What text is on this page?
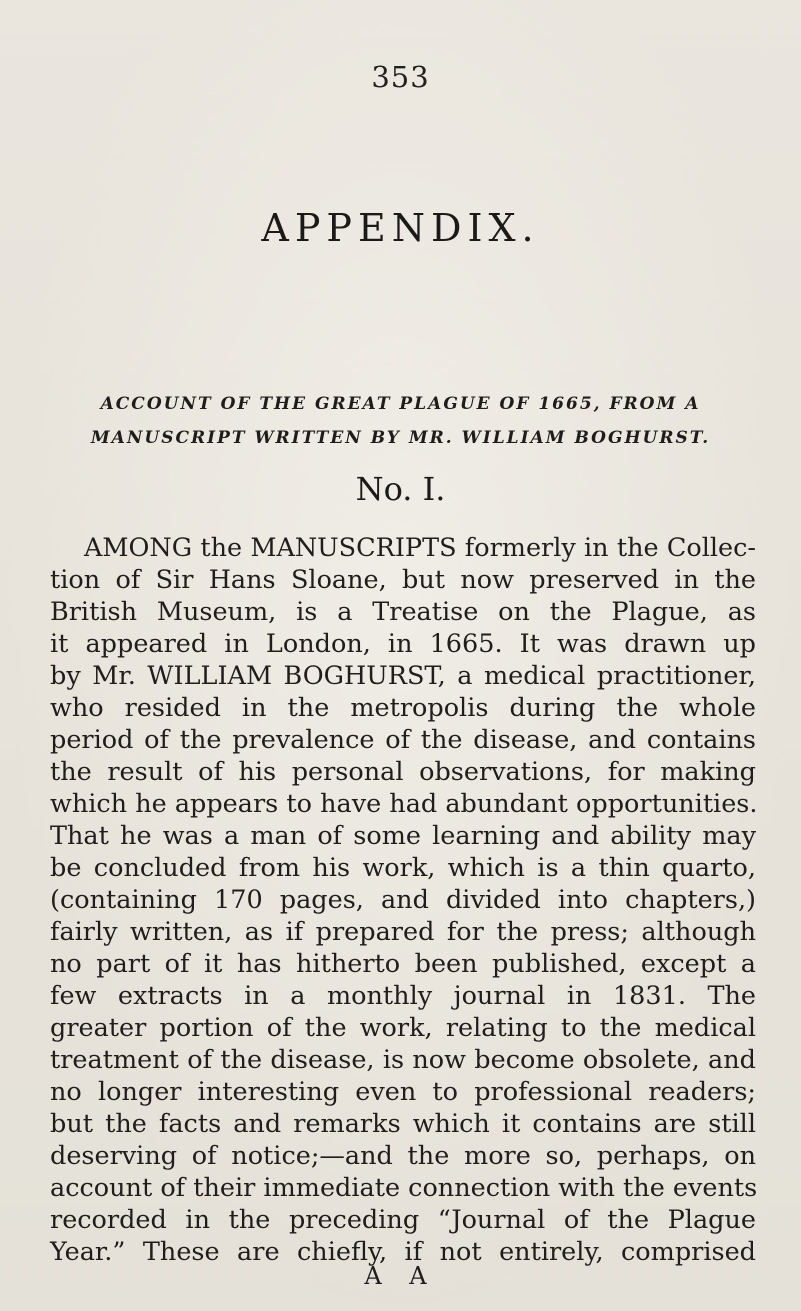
353
APPENDIX.
ACCOUNT OF THE GREAT PLAGUE OF 1665, FROM A
MANUSCRIPT WRITTEN BY MR. WILLIAM BOGHURST.
No. I.
AMONG the MANUSCRIPTS formerly in the Collec-
tion of Sir Hans Sloane, but now preserved in the
British Museum, is a Treatise on the Plague, as
it appeared in London, in 1665. It was drawn up
by Mr. WILLIAM BOGHURST, a medical practitioner,
who resided in the metropolis during the whole
period of the prevalence of the disease, and contains
the result of his personal observations, for making
which he appears to have had abundant opportunities.
That he was a man of some learning and ability may
be concluded from his work, which is a thin quarto,
(containing 170 pages, and divided into chapters,)
fairly written, as if prepared for the press; although
no part of it has hitherto been published, except a
few extracts in a monthly journal in 1831. The
greater portion of the work, relating to the medical
treatment of the disease, is now become obsolete, and
no longer interesting even to professional readers;
but the facts and remarks which it contains are still
deserving of notice;—and the more so, perhaps, on
account of their immediate connection with the events
recorded in the preceding “Journal of the Plague
Year.” These are chiefly, if not entirely, comprised
A A
